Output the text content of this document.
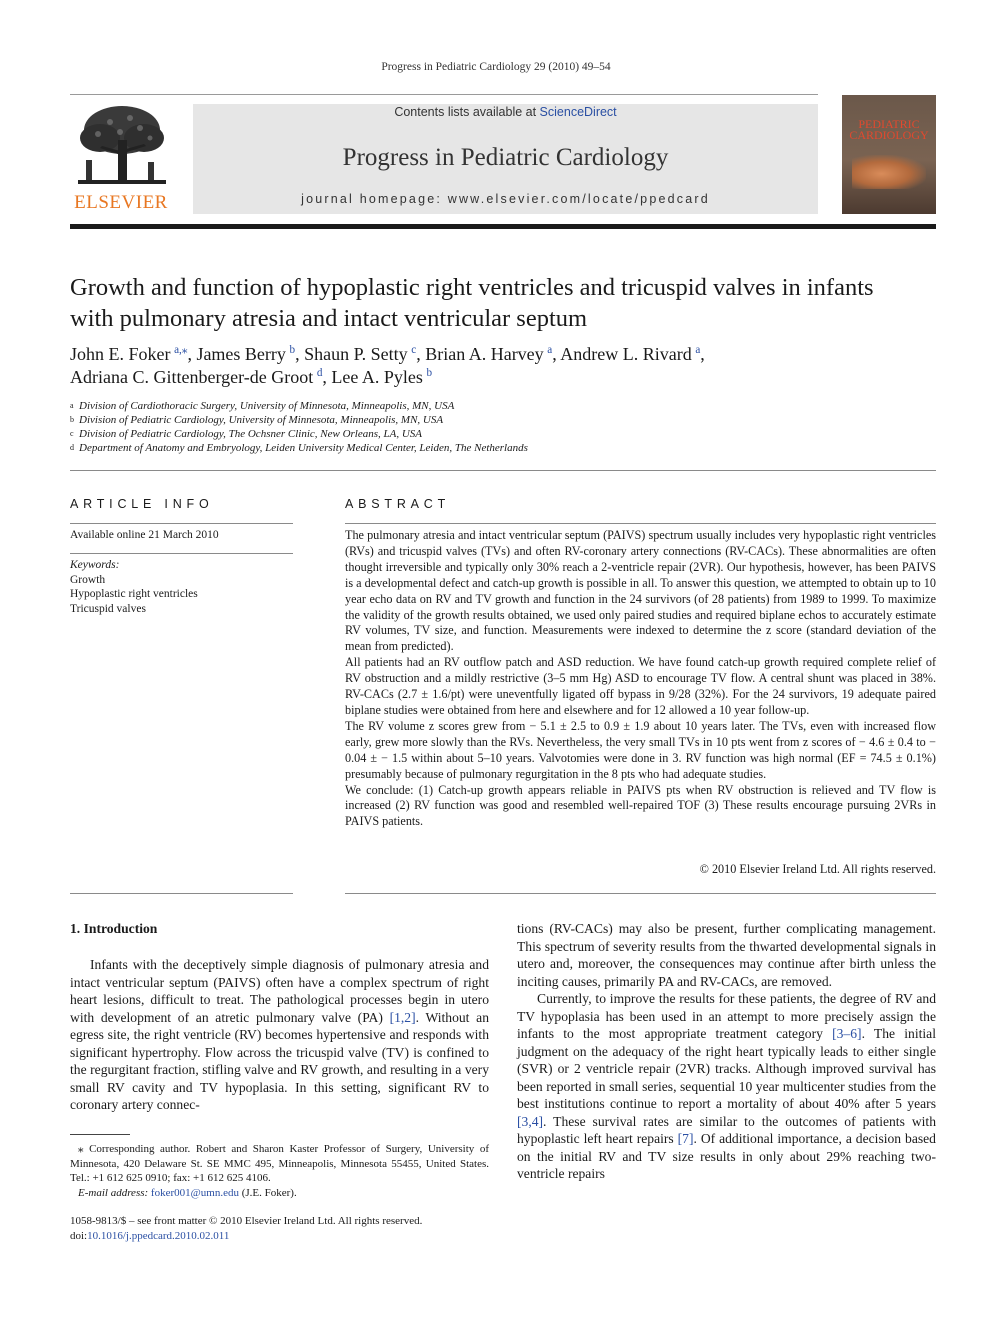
Progress in Pediatric Cardiology 29 (2010) 49–54
ELSEVIER
Contents lists available at ScienceDirect
Progress in Pediatric Cardiology
journal homepage: www.elsevier.com/locate/ppedcard
PEDIATRIC
CARDIOLOGY
Growth and function of hypoplastic right ventricles and tricuspid valves in infants
with pulmonary atresia and intact ventricular septum
John E. Foker  $^{a,⁎}$, James Berry  $^b$, Shaun P. Setty  $^c$, Brian A. Harvey  $^a$, Andrew L. Rivard  $^a$,
Adriana C. Gittenberger-de Groot  $^d$, Lee A. Pyles  $^b$
a Division of Cardiothoracic Surgery, University of Minnesota, Minneapolis, MN, USA
b Division of Pediatric Cardiology, University of Minnesota, Minneapolis, MN, USA
c Division of Pediatric Cardiology, The Ochsner Clinic, New Orleans, LA, USA
d Department of Anatomy and Embryology, Leiden University Medical Center, Leiden, The Netherlands
ARTICLE INFO
Available online 21 March 2010
Keywords:
Growth
Hypoplastic right ventricles
Tricuspid valves
ABSTRACT

The pulmonary atresia and intact ventricular septum (PAIVS) spectrum usually includes very hypoplastic right ventricles (RVs) and tricuspid valves (TVs) and often RV-coronary artery connections (RV-CACs). These abnormalities are often thought irreversible and typically only 30% reach a 2-ventricle repair (2VR). Our hypothesis, however, has been PAIVS is a developmental defect and catch-up growth is possible in all. To answer this question, we attempted to obtain up to 10 year echo data on RV and TV growth and function in the 24 survivors (of 28 patients) from 1989 to 1999. To maximize the validity of the growth results obtained, we used only paired studies and required biplane echos to accurately estimate RV volumes, TV size, and function. Measurements were indexed to determine the z score (standard deviation of the mean from predicted).

All patients had an RV outflow patch and ASD reduction. We have found catch-up growth required complete relief of RV obstruction and a mildly restrictive (3–5 mm Hg) ASD to encourage TV flow. A central shunt was placed in 38%. RV-CACs (2.7 ± 1.6/pt) were uneventfully ligated off bypass in 9/28 (32%). For the 24 survivors, 19 adequate paired biplane studies were obtained from here and elsewhere and for 12 allowed a 10 year follow-up.

The RV volume z scores grew from − 5.1 ± 2.5 to 0.9 ± 1.9 about 10 years later. The TVs, even with increased flow early, grew more slowly than the RVs. Nevertheless, the very small TVs in 10 pts went from z scores of − 4.6 ± 0.4 to − 0.04 ± − 1.5 within about 5–10 years. Valvotomies were done in 3. RV function was high normal (EF = 74.5 ± 0.1%) presumably because of pulmonary regurgitation in the 8 pts who had adequate studies.

We conclude: (1) Catch-up growth appears reliable in PAIVS pts when RV obstruction is relieved and TV flow is increased (2) RV function was good and resembled well-repaired TOF (3) These results encourage pursuing 2VRs in PAIVS patients.

© 2010 Elsevier Ireland Ltd. All rights reserved.
1. Introduction

Infants with the deceptively simple diagnosis of pulmonary atresia and intact ventricular septum (PAIVS) often have a complex spectrum of right heart lesions, difficult to treat. The pathological processes begin in utero with development of an atretic pulmonary valve (PA) [1,2]. Without an egress site, the right ventricle (RV) becomes hypertensive and responds with significant hypertrophy. Flow across the tricuspid valve (TV) is confined to the regurgitant fraction, stifling valve and RV growth, and resulting in a very small RV cavity and TV hypoplasia. In this setting, significant RV to coronary artery connec-

tions (RV-CACs) may also be present, further complicating management. This spectrum of severity results from the thwarted developmental signals in utero and, moreover, the consequences may continue after birth unless the inciting causes, primarily PA and RV-CACs, are removed.

Currently, to improve the results for these patients, the degree of RV and TV hypoplasia has been used in an attempt to more precisely assign the infants to the most appropriate treatment category [3–6]. The initial judgment on the adequacy of the right heart typically leads to either single (SVR) or 2 ventricle repair (2VR) tracks. Although improved survival has been reported in small series, sequential 10 year multicenter studies from the best institutions continue to report a mortality of about 40% after 5 years [3,4]. These survival rates are similar to the outcomes of patients with hypoplastic left heart repairs [7]. Of additional importance, a decision based on the initial RV and TV size results in only about 29% reaching two-ventricle repairs

⁎ Corresponding author. Robert and Sharon Kaster Professor of Surgery, University of Minnesota, 420 Delaware St. SE MMC 495, Minneapolis, Minnesota 55455, United States. Tel.: +1 612 625 0910; fax: +1 612 625 4106.

E-mail address: foker001@umn.edu (J.E. Foker).

1058-9813/$ – see front matter © 2010 Elsevier Ireland Ltd. All rights reserved.
doi:10.1016/j.ppedcard.2010.02.011
